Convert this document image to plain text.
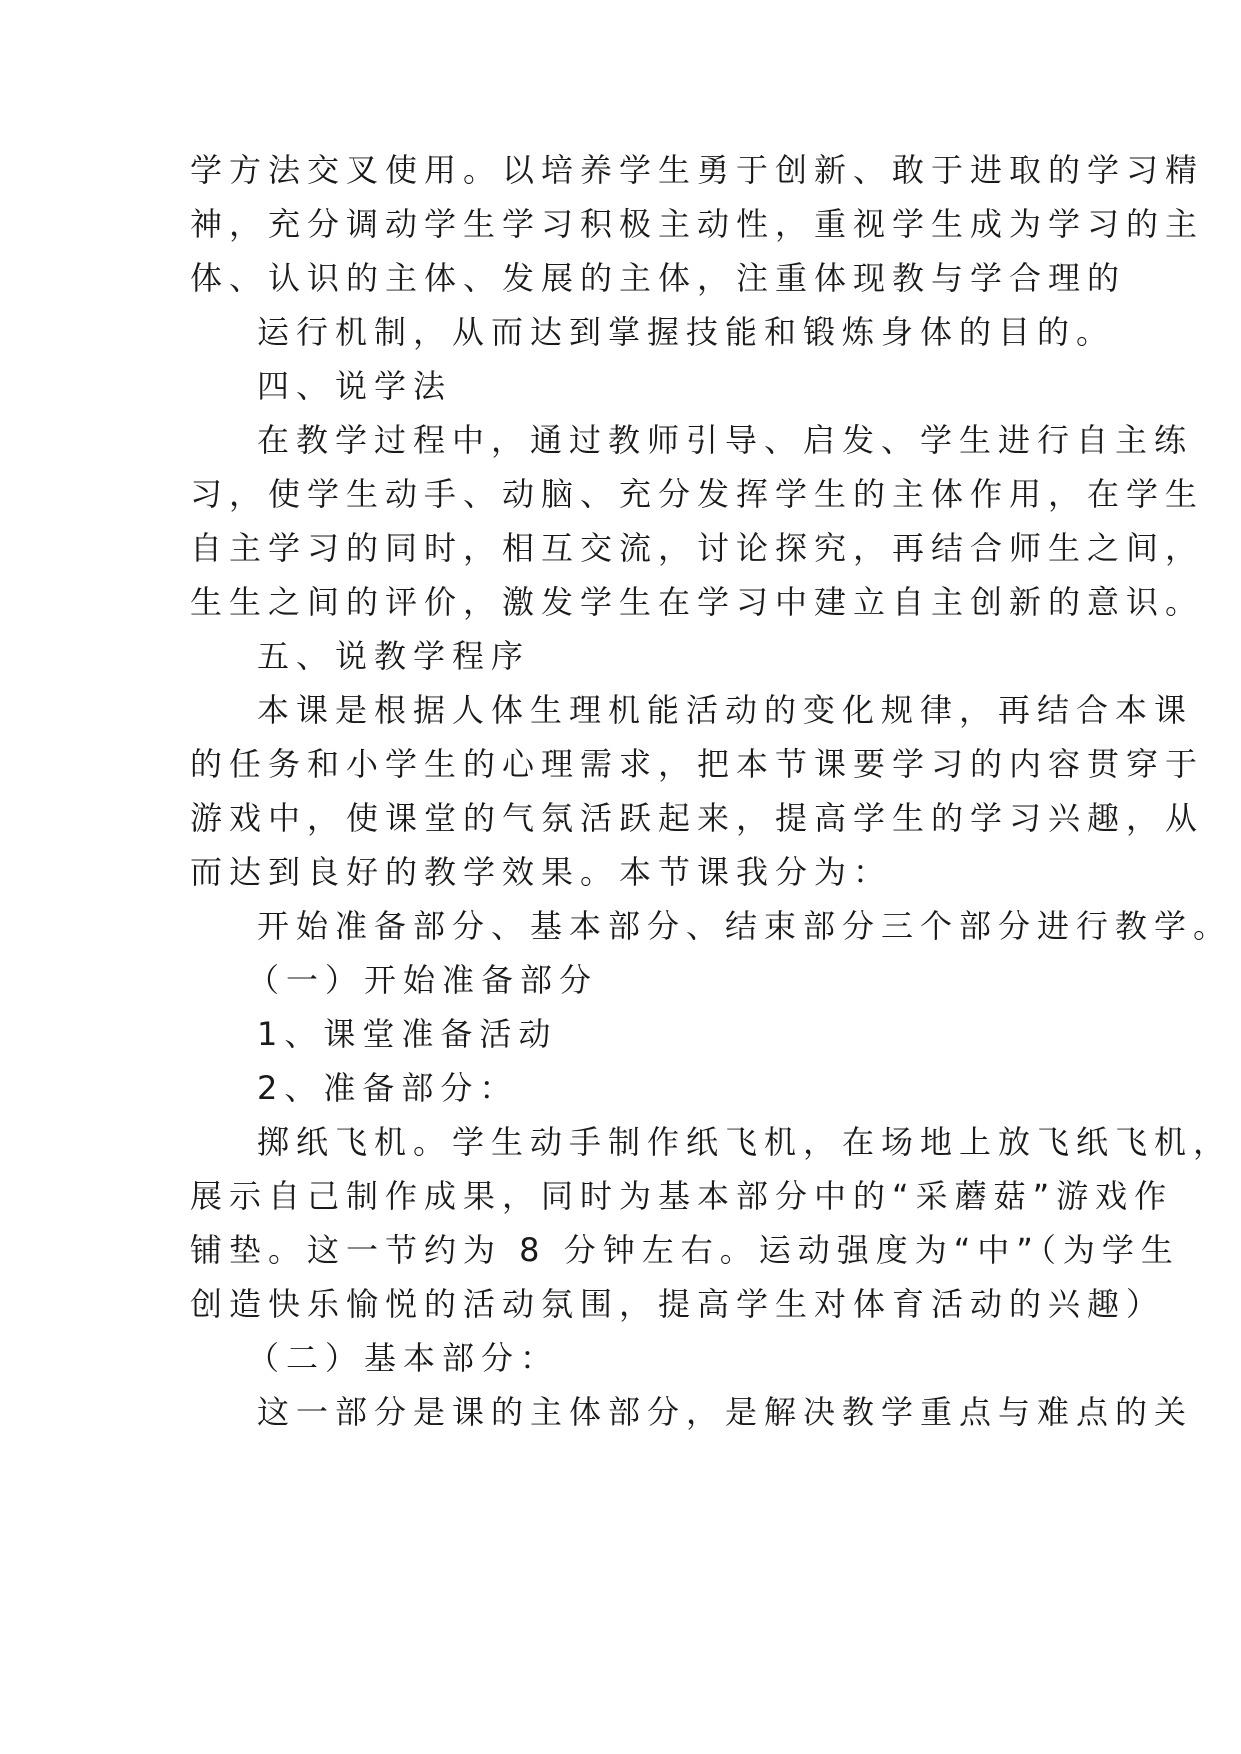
学方法交叉使用。以培养学生勇于创新、敢于进取的学习精
神，充分调动学生学习积极主动性，重视学生成为学习的主
体、认识的主体、发展的主体，注重体现教与学合理的
运行机制，从而达到掌握技能和锻炼身体的目的。
四、说学法
在教学过程中，通过教师引导、启发、学生进行自主练
习，使学生动手、动脑、充分发挥学生的主体作用，在学生
自主学习的同时，相互交流，讨论探究，再结合师生之间，
生生之间的评价，激发学生在学习中建立自主创新的意识。
五、说教学程序
本课是根据人体生理机能活动的变化规律，再结合本课
的任务和小学生的心理需求，把本节课要学习的内容贯穿于
游戏中，使课堂的气氛活跃起来，提高学生的学习兴趣，从
而达到良好的教学效果。本节课我分为：
开始准备部分、基本部分、结束部分三个部分进行教学。
（一）开始准备部分
1、课堂准备活动
2、准备部分：
掷纸飞机。学生动手制作纸飞机，在场地上放飞纸飞机，
展示自己制作成果，同时为基本部分中的“采蘑菇”游戏作
铺垫。这一节约为 8 分钟左右。运动强度为“中”（为学生
创造快乐愉悦的活动氛围，提高学生对体育活动的兴趣）
（二）基本部分：
这一部分是课的主体部分，是解决教学重点与难点的关
